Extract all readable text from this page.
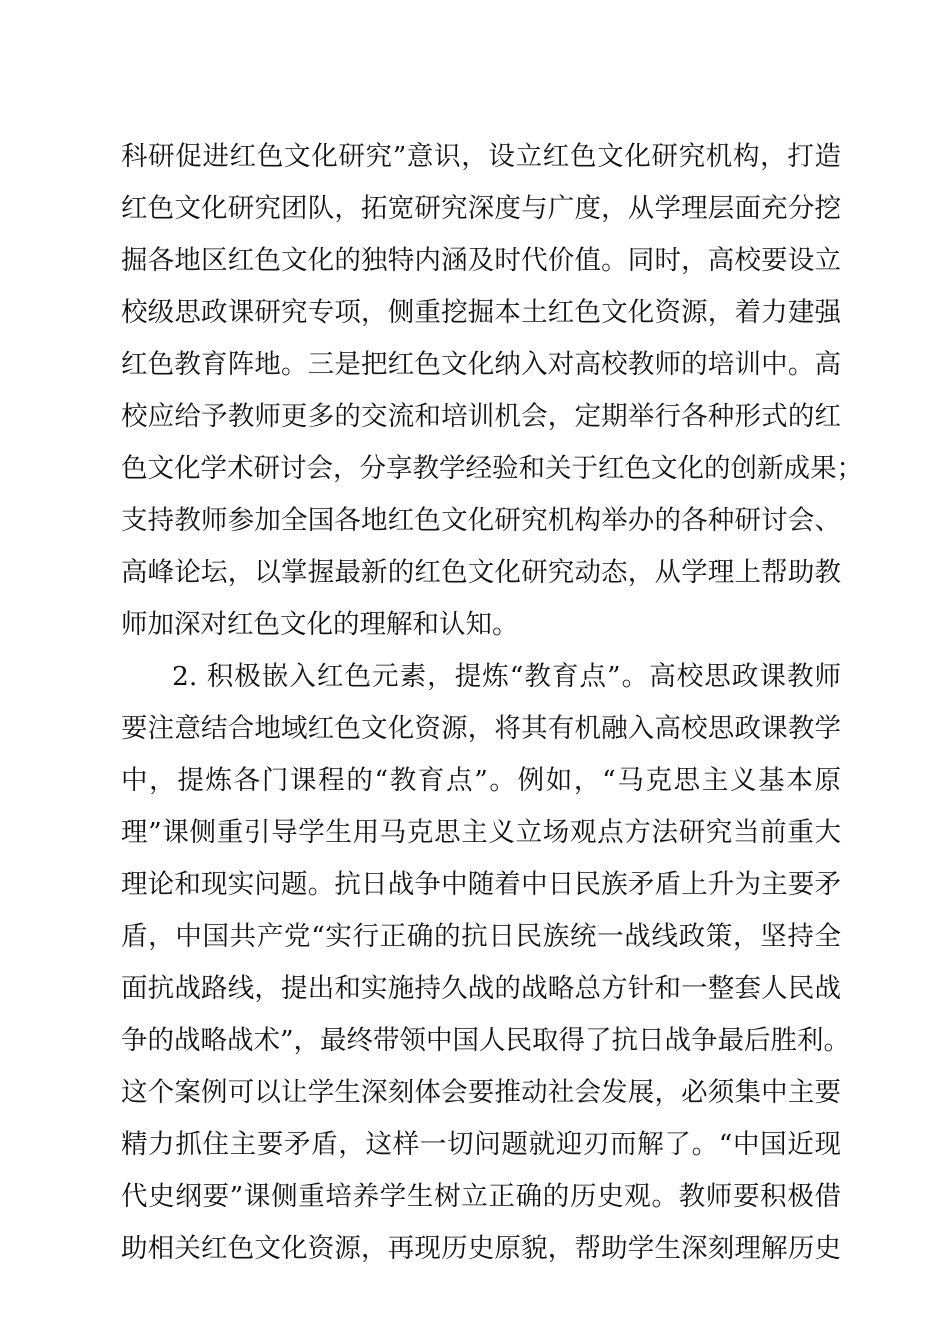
科研促进红色文化研究”意识，设立红色文化研究机构，打造
红色文化研究团队，拓宽研究深度与广度，从学理层面充分挖
掘各地区红色文化的独特内涵及时代价值。同时，高校要设立
校级思政课研究专项，侧重挖掘本土红色文化资源，着力建强
红色教育阵地。三是把红色文化纳入对高校教师的培训中。高
校应给予教师更多的交流和培训机会，定期举行各种形式的红
色文化学术研讨会，分享教学经验和关于红色文化的创新成果；
支持教师参加全国各地红色文化研究机构举办的各种研讨会、
高峰论坛，以掌握最新的红色文化研究动态，从学理上帮助教
师加深对红色文化的理解和认知。
2. 积极嵌入红色元素，提炼“教育点”。高校思政课教师
要注意结合地域红色文化资源，将其有机融入高校思政课教学
中，提炼各门课程的“教育点”。例如，“马克思主义基本原
理”课侧重引导学生用马克思主义立场观点方法研究当前重大
理论和现实问题。抗日战争中随着中日民族矛盾上升为主要矛
盾，中国共产党“实行正确的抗日民族统一战线政策，坚持全
面抗战路线，提出和实施持久战的战略总方针和一整套人民战
争的战略战术”，最终带领中国人民取得了抗日战争最后胜利。
这个案例可以让学生深刻体会要推动社会发展，必须集中主要
精力抓住主要矛盾，这样一切问题就迎刃而解了。“中国近现
代史纲要”课侧重培养学生树立正确的历史观。教师要积极借
助相关红色文化资源，再现历史原貌，帮助学生深刻理解历史
